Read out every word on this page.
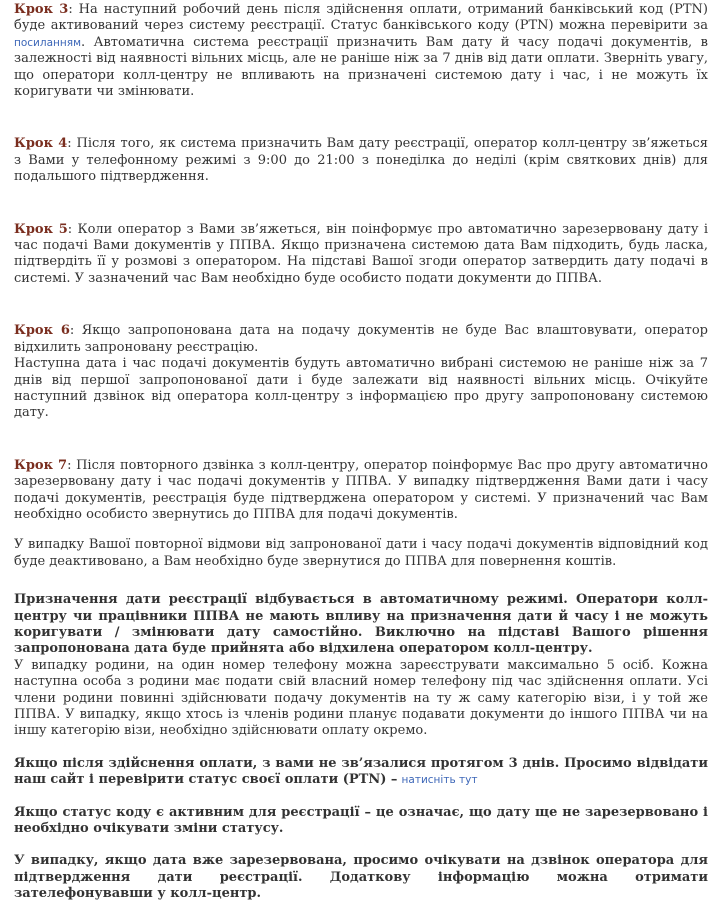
Крок 3: На наступний робочий день після здійснення оплати, отриманий банківський код (PTN) буде активований через систему реєстрації. Статус банківського коду (PTN) можна перевірити за посиланням. Автоматична система реєстрації призначить Вам дату й часу подачі документів, в залежності від наявності вільних місць, але не раніше ніж за 7 днів від дати оплати. Зверніть увагу, що оператори колл-центру не впливають на призначені системою дату і час, і не можуть їх коригувати чи змінювати.

Крок 4: Після того, як система призначить Вам дату реєстрації, оператор колл-центру зв’яжеться з Вами у телефонному режимі з 9:00 до 21:00 з понеділка до неділі (крім святкових днів) для подальшого підтвердження.

Крок 5: Коли оператор з Вами зв’яжеться, він поінформує про автоматично зарезервовану дату і час подачі Вами документів у ППВА. Якщо призначена системою дата Вам підходить, будь ласка, підтвердіть її у розмові з оператором. На підставі Вашої згоди оператор затвердить дату подачі в системі. У зазначений час Вам необхідно буде особисто подати документи до ППВА.

Крок 6: Якщо запропонована дата на подачу документів не буде Вас влаштовувати, оператор відхилить запроновану реєстрацію.

Наступна дата і час подачі документів будуть автоматично вибрані системою не раніше ніж за 7 днів від першої запропонованої дати і буде залежати від наявності вільних місць. Очікуйте наступний дзвінок від оператора колл-центру з інформацією про другу запропоновану системою дату.

Крок 7: Після повторного дзвінка з колл-центру, оператор поінформує Вас про другу автоматично зарезервовану дату і час подачі документів у ППВА. У випадку підтвердження Вами дати і часу подачі документів, реєстрація буде підтверджена оператором у системі. У призначений час Вам необхідно особисто звернутись до ППВА для подачі документів.

У випадку Вашої повторної відмови від запронованої дати і часу подачі документів відповідний код буде деактивовано, а Вам необхідно буде звернутися до ППВА для повернення коштів.

Призначення дати реєстрації відбувається в автоматичному режимі. Оператори колл-центру чи працівники ППВА не мають впливу на призначення дати й часу і не можуть коригувати / змінювати дату самостійно. Виключно на підставі Вашого рішення запропонована дата буде прийнята або відхилена оператором колл-центру.

У випадку родини, на один номер телефону можна зареєструвати максимально 5 осіб. Кожна наступна особа з родини має подати свій власний номер телефону під час здійснення оплати. Усі члени родини повинні здійснювати подачу документів на ту ж саму категорію візи, і у той же ППВА. У випадку, якщо хтось із членів родини планує подавати документи до іншого ППВА чи на іншу категорію візи, необхідно здійснювати оплату окремо.

Якщо після здійснення оплати, з вами не зв’язалися протягом 3 днів. Просимо відвідати наш сайт і перевірити статус своєї оплати (PTN) – натисніть тут

Якщо статус коду є активним для реєстрації – це означає, що дату ще не зарезервовано і необхідно очікувати зміни статусу.

У випадку, якщо дата вже зарезервована, просимо очікувати на дзвінок оператора для підтвердження дати реєстрації. Додаткову інформацію можна отримати зателефонувавши у колл-центр.
